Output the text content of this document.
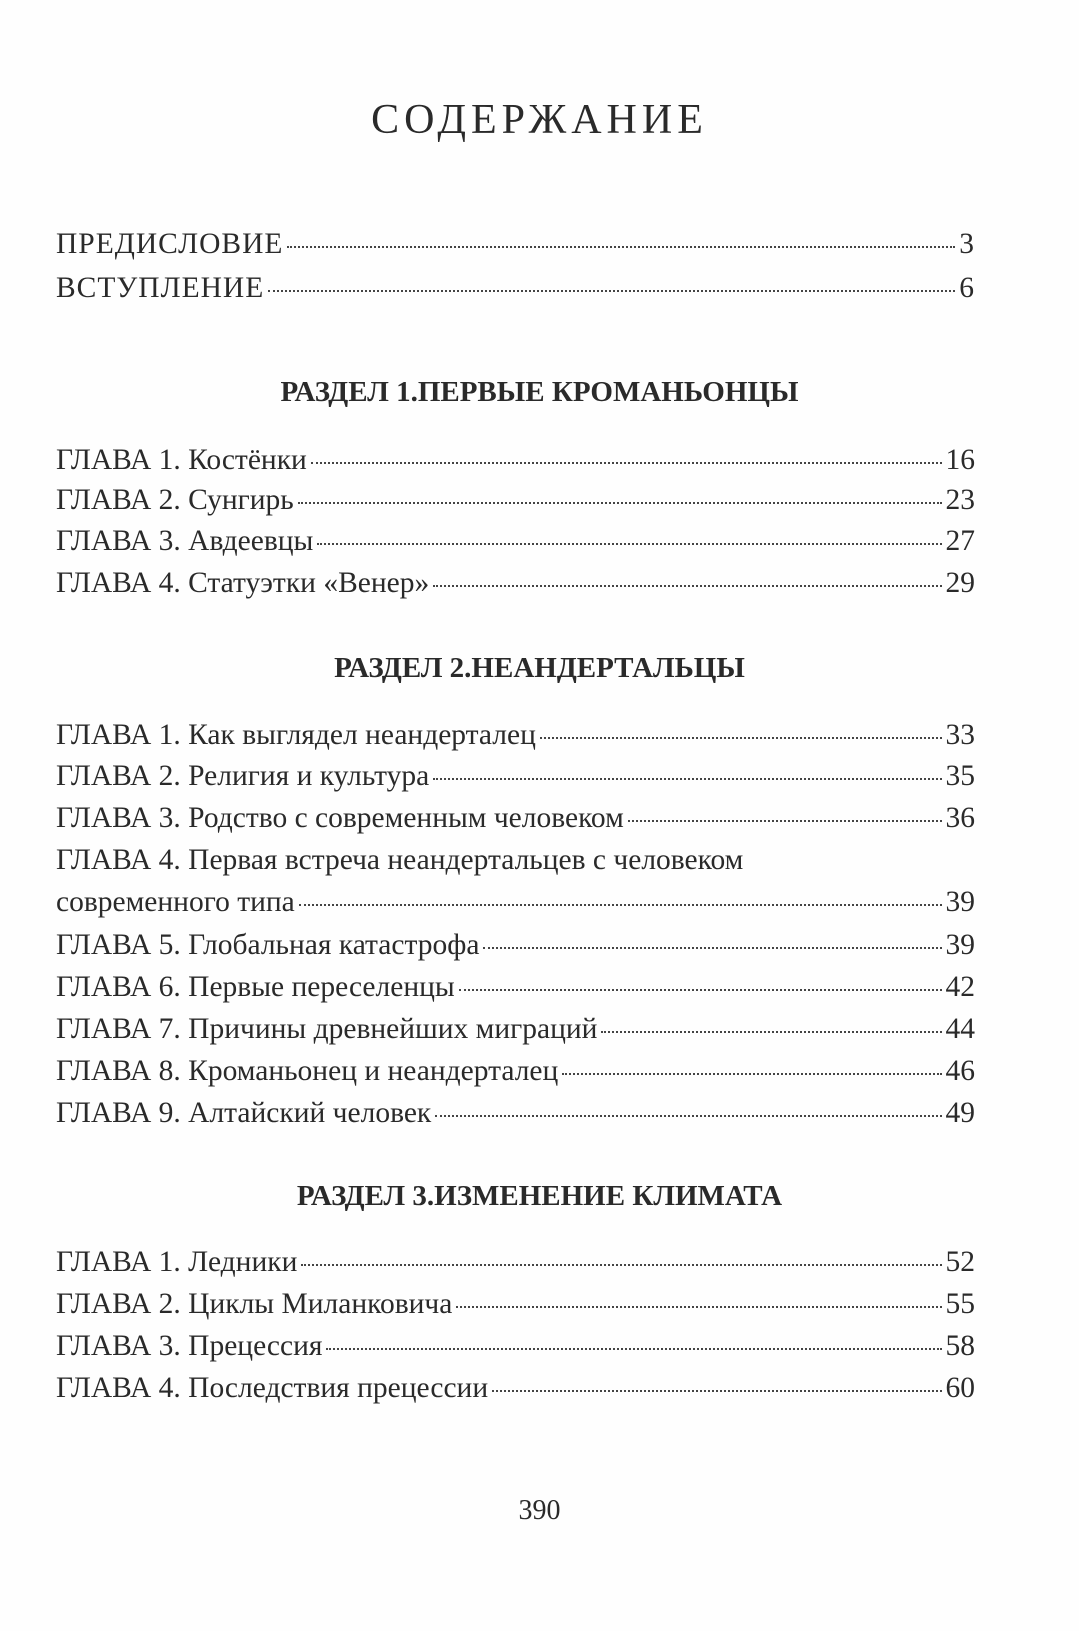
СОДЕРЖАНИЕ
ПРЕДИСЛОВИЕ	3
ВСТУПЛЕНИЕ	6
РАЗДЕЛ 1.ПЕРВЫЕ КРОМАНЬОНЦЫ
ГЛАВА 1. Костёнки	16
ГЛАВА 2. Сунгирь	23
ГЛАВА 3. Авдеевцы	27
ГЛАВА 4. Статуэтки «Венер»	29
РАЗДЕЛ 2.НЕАНДЕРТАЛЬЦЫ
ГЛАВА 1. Как выглядел неандерталец	33
ГЛАВА 2. Религия и культура	35
ГЛАВА 3. Родство с современным человеком	36
ГЛАВА 4. Первая встреча неандертальцев с человеком
современного типа	39
ГЛАВА 5. Глобальная катастрофа	39
ГЛАВА 6. Первые переселенцы	42
ГЛАВА 7. Причины древнейших миграций	44
ГЛАВА 8. Кроманьонец и неандерталец	46
ГЛАВА 9. Алтайский человек	49
РАЗДЕЛ 3.ИЗМЕНЕНИЕ КЛИМАТА
ГЛАВА 1. Ледники	52
ГЛАВА 2. Циклы Миланковича	55
ГЛАВА 3. Прецессия	58
ГЛАВА 4. Последствия прецессии	60
390
